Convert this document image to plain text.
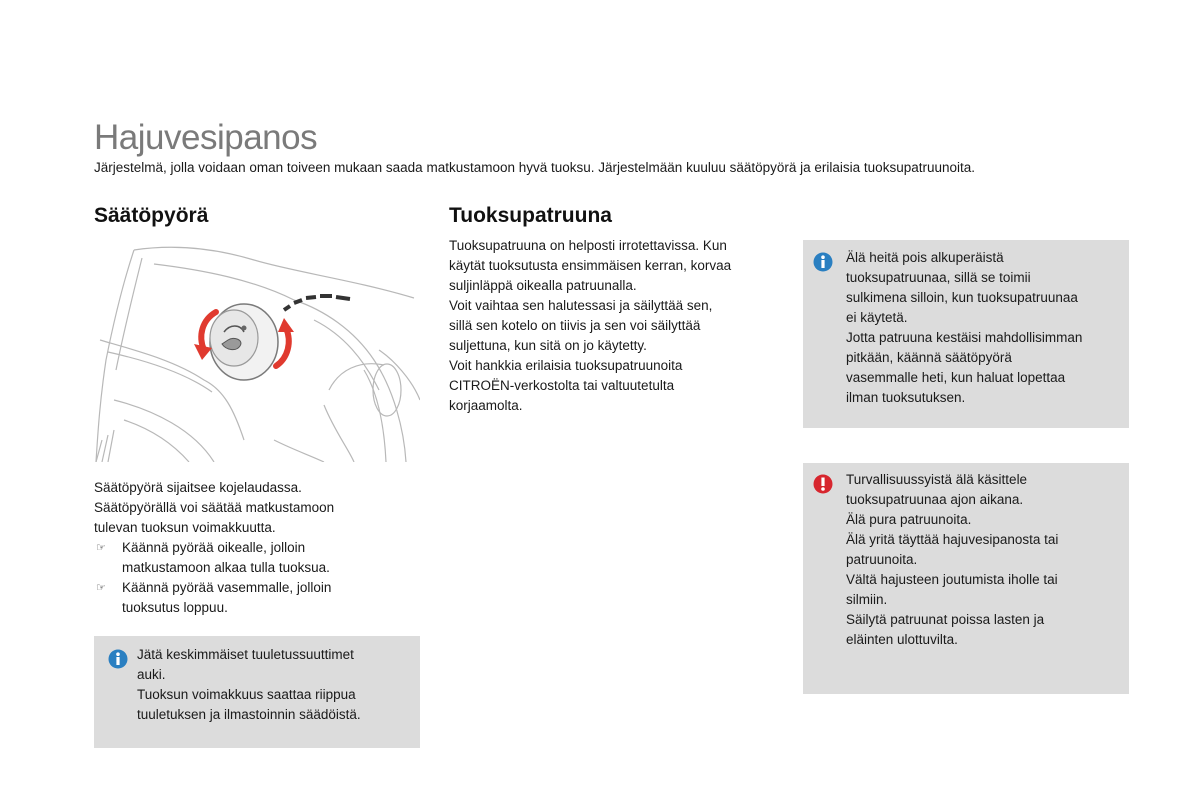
Hajuvesipanos

Järjestelmä, jolla voidaan oman toiveen mukaan saada matkustamoon hyvä tuoksu. Järjestelmään kuuluu säätöpyörä ja erilaisia tuoksupatruunoita.

Säätöpyörä
Säätöpyörä sijaitsee kojelaudassa.
Säätöpyörällä voi säätää matkustamoon
tulevan tuoksun voimakkuutta.
☞ Käännä pyörää oikealle, jolloin
matkustamoon alkaa tulla tuoksua.
☞ Käännä pyörää vasemmalle, jolloin
tuoksutus loppuu.

Jätä keskimmäiset tuuletussuuttimet

auki.

Tuoksun voimakkuus saattaa riippua

tuuletuksen ja ilmastoinnin säädöistä.

Tuoksupatruuna
Tuoksupatruuna on helposti irrotettavissa. Kun
käytät tuoksutusta ensimmäisen kerran, korvaa
suljinläppä oikealla patruunalla.
Voit vaihtaa sen halutessasi ja säilyttää sen,
sillä sen kotelo on tiivis ja sen voi säilyttää
suljettuna, kun sitä on jo käytetty.
Voit hankkia erilaisia tuoksupatruunoita
CITROËN-verkostolta tai valtuutetulta
korjaamolta.

Älä heitä pois alkuperäistä

tuoksupatruunaa, sillä se toimii

sulkimena silloin, kun tuoksupatruunaa

ei käytetä.

Jotta patruuna kestäisi mahdollisimman

pitkään, käännä säätöpyörä

vasemmalle heti, kun haluat lopettaa

ilman tuoksutuksen.

Turvallisuussyistä älä käsittele

tuoksupatruunaa ajon aikana.

Älä pura patruunoita.

Älä yritä täyttää hajuvesipanosta tai

patruunoita.

Vältä hajusteen joutumista iholle tai

silmiin.

Säilytä patruunat poissa lasten ja

eläinten ulottuvilta.
